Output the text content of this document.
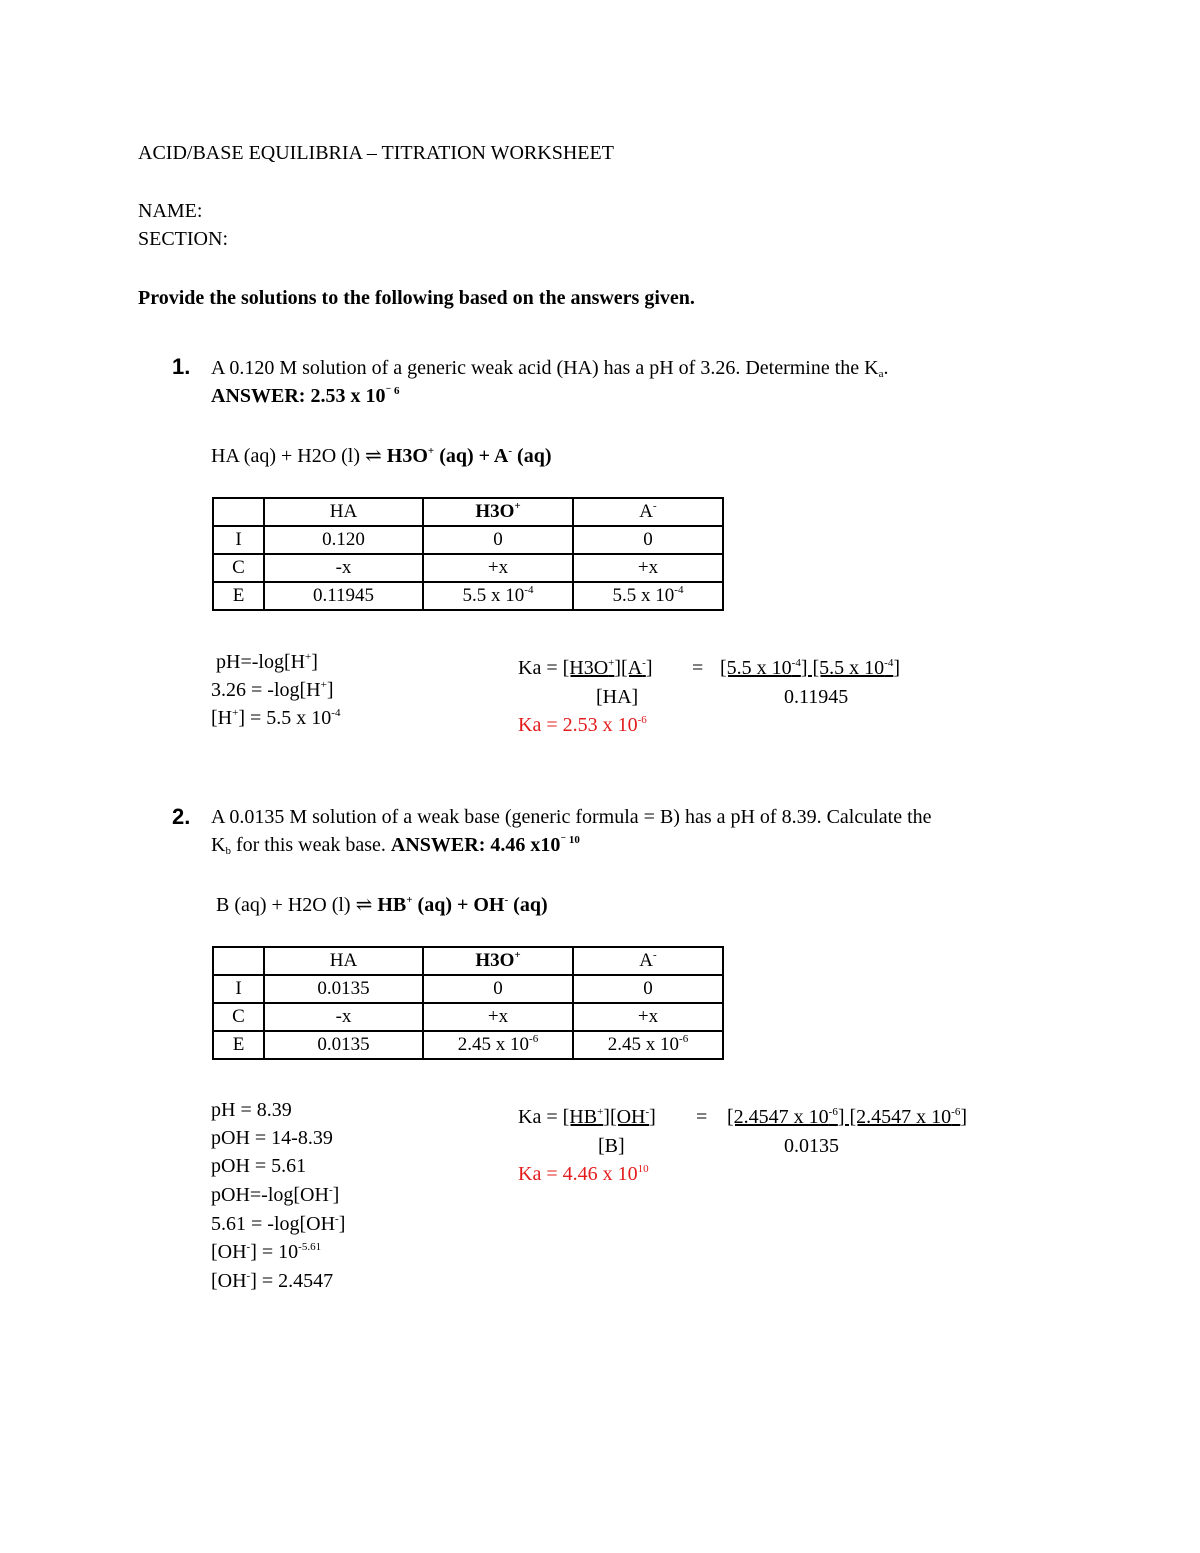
ACID/BASE EQUILIBRIA – TITRATION WORKSHEET
NAME:
SECTION:
Provide the solutions to the following based on the answers given.
1. A 0.120 M solution of a generic weak acid (HA) has a pH of 3.26. Determine the $K_a$.
ANSWER: 2.53 x $10^{^- 6}$
HA (aq) + H2O (l) ⇌ H3O+ (aq) + A- (aq)
	HA	H3O+	A-
I	0.120	0	0
C	-x	+x	+x
E	0.11945	5.5 x $10^{-4}$	5.5 x $10^{-4}$
pH=-log[H+]
3.26 = -log[H+]
[H+] = 5.5 x $10^{-4}$
Ka = [H3O+][A-] = [5.5 x $10^{-4}$] [5.5 x $10^{-4}$]
[HA]	0.11945
Ka = 2.53 x $10^{-6}$
2. A 0.0135 M solution of a weak base (generic formula = B) has a pH of 8.39. Calculate the
$K_b$ for this weak base. ANSWER: 4.46 $x10^{^- 10}$
B (aq) + H2O (l) ⇌ HB+ (aq) + OH- (aq)
	HA	H3O+	A-
I	0.0135	0	0
C	-x	+x	+x
E	0.0135	2.45 x $10^{-6}$	2.45 x $10^{-6}$
pH = 8.39
pOH = 14-8.39
pOH = 5.61
pOH=-log[OH-]
5.61 = -log[OH-]
$[OH^-] = 10^{-5.61}$
[OH-] = 2.4547
Ka = [HB+][OH-] = [2.4547 x $10^{-6}$] [2.4547 x $10^{-6}$]
[B]	0.0135
Ka = 4.46 x $10^{10}$
